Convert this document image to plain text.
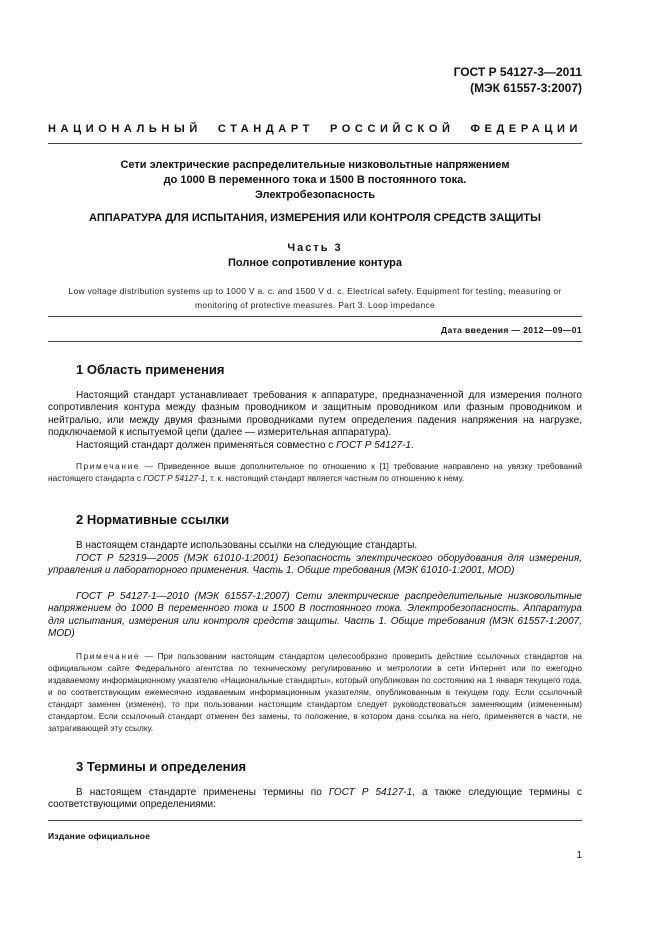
ГОСТ Р 54127-3—2011
(МЭК 61557-3:2007)
НАЦИОНАЛЬНЫЙ СТАНДАРТ РОССИЙСКОЙ ФЕДЕРАЦИИ
Сети электрические распределительные низковольтные напряжением
до 1000 В переменного тока и 1500 В постоянного тока.
Электробезопасность
АППАРАТУРА ДЛЯ ИСПЫТАНИЯ, ИЗМЕРЕНИЯ ИЛИ КОНТРОЛЯ СРЕДСТВ ЗАЩИТЫ
Часть 3
Полное сопротивление контура
Low voltage distribution systems up to 1000 V a. c. and 1500 V d. c. Electrical safety. Equipment for testing, measuring or
monitoring of protective measures. Part 3. Loop impedance
Дата введения — 2012—09—01
1 Область применения
Настоящий стандарт устанавливает требования к аппаратуре, предназначенной для измерения полного сопротивления контура между фазным проводником и защитным проводником или фазным проводником и нейтралью, или между двумя фазными проводниками путем определения падения напряжения на нагрузке, подключаемой к испытуемой цепи (далее — измерительная аппаратура).
Настоящий стандарт должен применяться совместно с ГОСТ Р 54127-1.
Примечание — Приведенное выше дополнительное по отношению к [1] требование направлено на увязку требований настоящего стандарта с ГОСТ Р 54127-1, т. к. настоящий стандарт является частным по отношению к нему.
2 Нормативные ссылки
В настоящем стандарте использованы ссылки на следующие стандарты.
ГОСТ Р 52319—2005 (МЭК 61010-1:2001) Безопасность электрического оборудования для измерения, управления и лабораторного применения. Часть 1. Общие требования (МЭК 61010-1:2001, MOD)
ГОСТ Р 54127-1—2010 (МЭК 61557-1:2007) Сети электрические распределительные низковольтные напряжением до 1000 В переменного тока и 1500 В постоянного тока. Электробезопасность. Аппаратура для испытания, измерения или контроля средств защиты. Часть 1. Общие требования (МЭК 61557-1:2007, MOD)
Примечание — При пользовании настоящим стандартом целесообразно проверить действие ссылочных стандартов на официальном сайте Федерального агентства по техническому регулированию и метрологии в сети Интернет или по ежегодно издаваемому информационному указателю «Национальные стандарты», который опубликован по состоянию на 1 января текущего года, и по соответствующим ежемесячно издаваемым информационным указателям, опубликованным в текущем году. Если ссылочный стандарт заменен (изменен), то при пользовании настоящим стандартом следует руководствоваться заменяющим (измененным) стандартом. Если ссылочный стандарт отменен без замены, то положение, в котором дана ссылка на него, применяется в части, не затрагивающей эту ссылку.
3 Термины и определения
В настоящем стандарте применены термины по ГОСТ Р 54127-1, а также следующие термины с соответствующими определениями:
Издание официальное
1
